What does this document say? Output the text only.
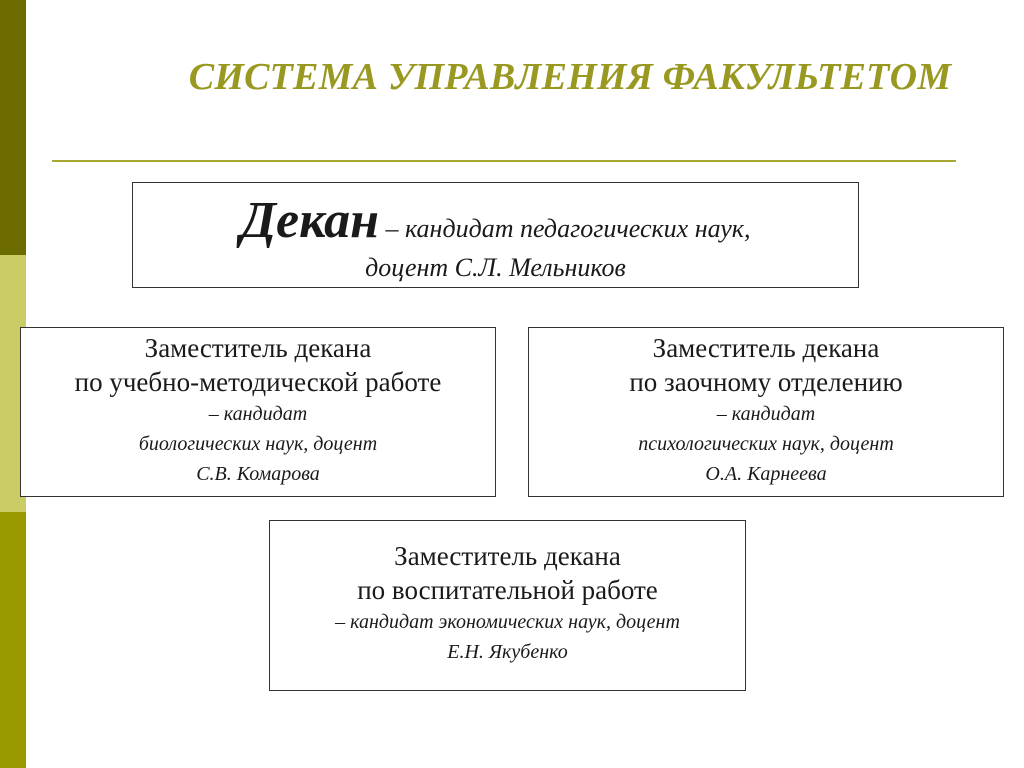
СИСТЕМА УПРАВЛЕНИЯ ФАКУЛЬТЕТОМ
Декан – кандидат педагогических наук,
доцент С.Л. Мельников
Заместитель декана
по учебно-методической работе
– кандидат
биологических наук, доцент
С.В. Комарова
Заместитель декана
по заочному отделению
– кандидат
психологических наук, доцент
О.А. Карнеева
Заместитель декана
по воспитательной работе
– кандидат экономических наук, доцент
Е.Н. Якубенко
